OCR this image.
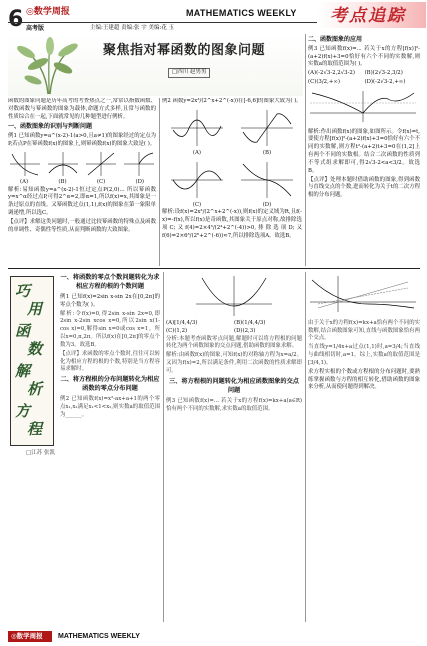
6 ◎数学周报	MATHEMATICS WEEKLY 考点追踪
高考版	主编:王建超 责编:张 宇 美编:花 玉
聚焦指对幂函数的图象问题
□四川 赵男男

函数的图象问题是历年高考的考查热点之一,常常以指数函数、对数函数与幂函数的图象为载体,命题方式多样,且常与函数的性质综合在一起,下面就常见的几种题型进行例析。

一、函数图象的识别与判断问题

例1 已知函数y=a^(x-2)-1(a>0,且a≠1)的图象经过的定点为P,若点P在幂函数f(x)的图象上,则幂函数f(x)的图象大致是( )。

(A)	(B)	(C)	(D)

解析:易知函数y=a^(x-2)-1恒过定点P(2,0)... 所以幂函数y=x^α经过点P,可得2^α=2,即α=1,所以f(x)=x,其图象是一条过原点的直线。又幂函数过点(1,1),f(x)的图象在第一象限单调递增,所以选C。

【点评】求解这类问题时,一般通过比较幂函数的特殊点及函数的单调性、奇偶性等性质,从而判断函数的大致图象。

例2 函数y=2x³/(2^x+2^(-x))在[-6,6]的图象大致为( )。

(A)	(B)
(C)	(D)

解析:设f(x)=2x³/(2^x+2^(-x)),则f(x)的定义域为R,且f(-x)=-f(x),所以f(x)是奇函数,其图象关于原点对称,故排除选项C;又f(4)=2×4³/(2⁴+2^(-4))>0,排除选项D;又f(6)=2×6³/(2⁶+2^(-6))≈7,所以排除选项A。故选B。

二、函数图象的应用

例3 已知函数f(x)=... 若关于x的方程[f(x)]²-(a+2)f(x)+3=0恰好有六个不同的实数解,则实数a的取值范围为( )。

(A)(-2√3-2,2√3-2)	(B)(2√3-2,3/2)
(C)(3/2,+∞)	(D)(-2√3-2,+∞)

解析:作出函数f(x)的图象,如图所示。令f(x)=t,要使方程[f(x)]²-(a+2)f(x)+3=0恰好有六个不同的实数解,则方程t²-(a+2)t+3=0在(1,2]上有两个不同的实数根。结合二次函数的性质列不等式组求解即可,得2√3-2<a<3/2。故选B。

【点评】处理本题时借助函数的图象,得到函数与直线交点的个数,进而转化为关于t的二次方程根的分布问题。

巧
用
函
数
解
析
方
程
□江苏 张凯
一、将函数的零点个数问题转化为求相应方程的根的个数问题

例1 已知f(x)=2sin x-sin 2x在[0,2π]的零点个数为( )。

解析:令f(x)=0,得2sin x-sin 2x=0,即2sin x-2sin xcos x=0,所以2sin x(1-cos x)=0,解得sin x=0或cos x=1。所以x=0,π,2π。所以f(x)在[0,2π]的零点个数为3。故选B。

【点评】求函数的零点个数时,往往可以转化为相应方程的根的个数,特别是当方程容易求解时。

二、将方程根的分布问题转化为相应函数的零点分布问题

例2 已知函数f(x)=x²-ax+a+1的两个零点x₁,x₂满足x₁<1<x₂,则实数a的取值范围为______。

(A)[1/4,4/3)	(B)(1/4,4/3)
(C)(1,2)	(D)(2,3)

分析:本题考查函数零点问题,解题时可以将方程根的问题转化为两个函数图象的交点问题,借助函数的图象求解。

解析:由函数f(x)的图象,可知f(x)的对称轴方程为x=a/2。又因为f(x)=2,所以满足条件,利用二次函数的性质求解即可。

三、将方程根的问题转化为相应函数图象的交点问题

例3 已知函数f(x)=... 若关于x的方程f(x)=kx+a(a∈R)恰有两个不同的实数解,求实数a的取值范围。

由于关于x的方程f(x)=kx+a恰有两个不同的实数解,结合函数图象可知,直线与函数图象恰有两个交点。

当直线y=1/4x+a过点(1,1)时,a=3/4;当直线与曲线相切时,a=1。综上,实数a的取值范围是[3/4,1)。

求方程实根的个数或方程根的分布问题时,要熟练掌握函数与方程的相互转化,借助函数的图象来分析,从而使问题得到解决。

◎数学周报	MATHEMATICS WEEKLY
